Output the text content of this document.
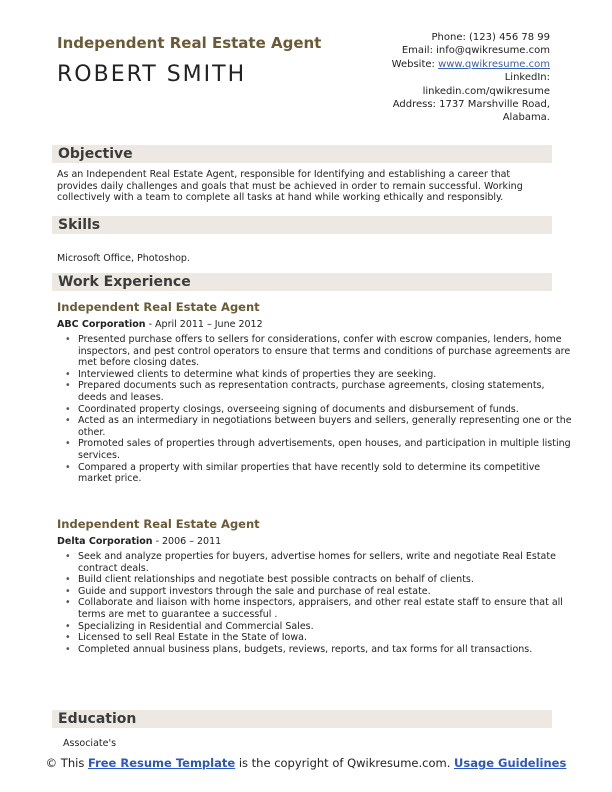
Independent Real Estate Agent
ROBERT SMITH
Phone: (123) 456 78 99
Email: info@qwikresume.com
Website: www.qwikresume.com
LinkedIn:
linkedin.com/qwikresume
Address: 1737 Marshville Road,
Alabama.
Objective
As an Independent Real Estate Agent, responsible for Identifying and establishing a career that provides daily challenges and goals that must be achieved in order to remain successful. Working collectively with a team to complete all tasks at hand while working ethically and responsibly.
Skills
Microsoft Office, Photoshop.
Work Experience
Independent Real Estate Agent
ABC Corporation - April 2011 – June 2012
• Presented purchase offers to sellers for considerations, confer with escrow companies, lenders, home inspectors, and pest control operators to ensure that terms and conditions of purchase agreements are met before closing dates.
• Interviewed clients to determine what kinds of properties they are seeking.
• Prepared documents such as representation contracts, purchase agreements, closing statements, deeds and leases.
• Coordinated property closings, overseeing signing of documents and disbursement of funds.
• Acted as an intermediary in negotiations between buyers and sellers, generally representing one or the other.
• Promoted sales of properties through advertisements, open houses, and participation in multiple listing services.
• Compared a property with similar properties that have recently sold to determine its competitive market price.
Independent Real Estate Agent
Delta Corporation - 2006 – 2011
• Seek and analyze properties for buyers, advertise homes for sellers, write and negotiate Real Estate contract deals.
• Build client relationships and negotiate best possible contracts on behalf of clients.
• Guide and support investors through the sale and purchase of real estate.
• Collaborate and liaison with home inspectors, appraisers, and other real estate staff to ensure that all terms are met to guarantee a successful .
• Specializing in Residential and Commercial Sales.
• Licensed to sell Real Estate in the State of Iowa.
• Completed annual business plans, budgets, reviews, reports, and tax forms for all transactions.
Education
Associate's
© This Free Resume Template is the copyright of Qwikresume.com. Usage Guidelines
